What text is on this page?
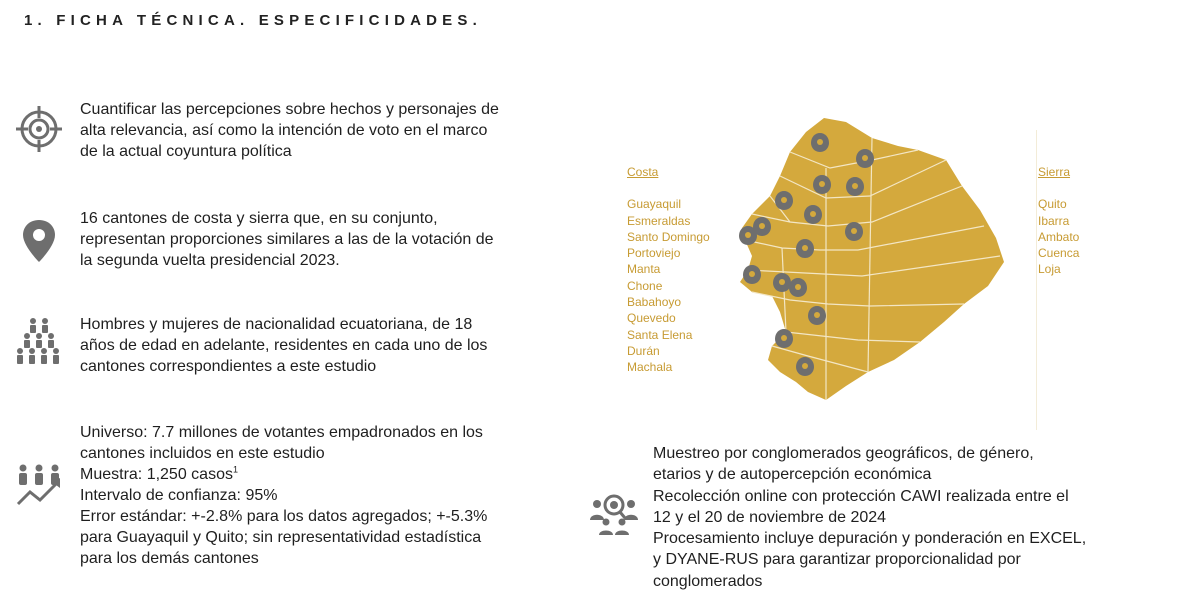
1. FICHA TÉCNICA. ESPECIFICIDADES.
Cuantificar las percepciones sobre hechos y personajes de
alta relevancia, así como la intención de voto en el marco
de la actual coyuntura política
16 cantones de costa y sierra que, en su conjunto,
representan proporciones similares a las de la votación de
la segunda vuelta presidencial 2023.
Hombres y mujeres de nacionalidad ecuatoriana, de 18
años de edad en adelante, residentes en cada uno de los
cantones correspondientes a este estudio
Universo: 7.7 millones de votantes empadronados en los
cantones incluidos en este estudio
Muestra: 1,250 casos$^1$
Intervalo de confianza: 95%
Error estándar: +-2.8% para los datos agregados; +-5.3%
para Guayaquil y Quito; sin representatividad estadística
para los demás cantones
Muestreo por conglomerados geográficos, de género,
etarios y de autopercepción económica
Recolección online con protección CAWI realizada entre el
12 y el 20 de noviembre de 2024
Procesamiento incluye depuración y ponderación en EXCEL,
y DYANE-RUS para garantizar proporcionalidad por
conglomerados
Costa
Guayaquil
Esmeraldas
Santo Domingo
Portoviejo
Manta
Chone
Babahoyo
Quevedo
Santa Elena
Durán
Machala
Sierra
Quito
Ibarra
Ambato
Cuenca
Loja
